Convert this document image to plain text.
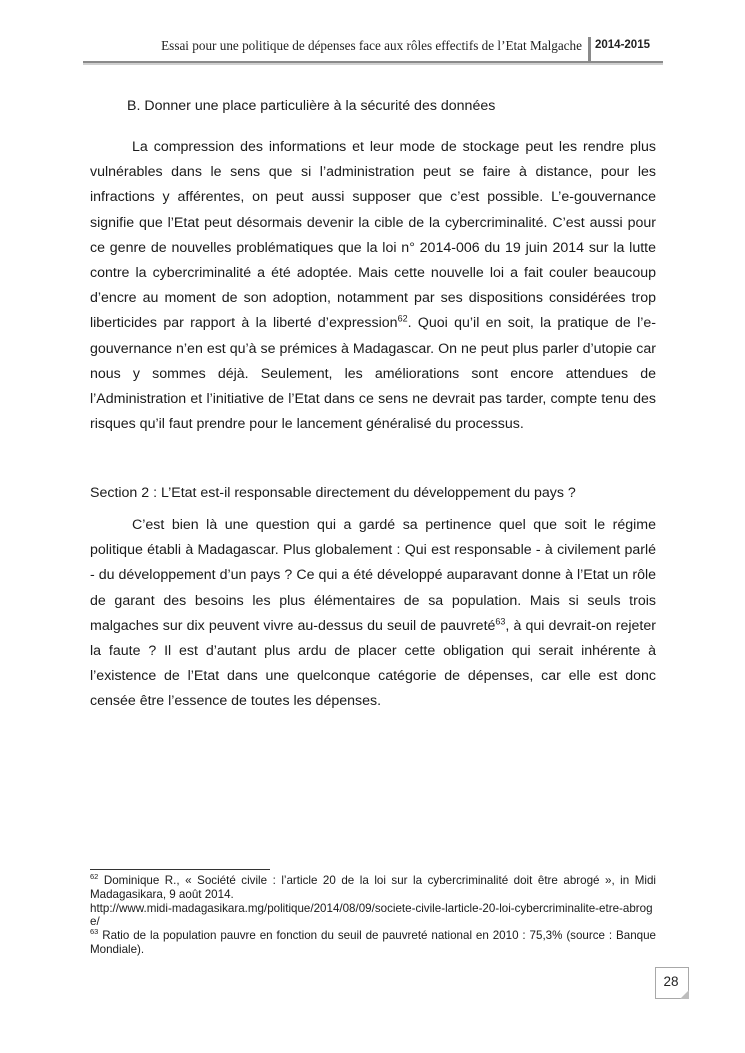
Essai pour une politique de dépenses face aux rôles effectifs de l’Etat Malgache	2014-2015
B. Donner une place particulière à la sécurité des données

La compression des informations et leur mode de stockage peut les rendre plus vulnérables dans le sens que si l’administration peut se faire à distance, pour les infractions y afférentes, on peut aussi supposer que c’est possible. L’e-gouvernance signifie que l’Etat peut désormais devenir la cible de la cybercriminalité. C’est aussi pour ce genre de nouvelles problématiques que la loi n° 2014-006 du 19 juin 2014 sur la lutte contre la cybercriminalité a été adoptée. Mais cette nouvelle loi a fait couler beaucoup d’encre au moment de son adoption, notamment par ses dispositions considérées trop liberticides par rapport à la liberté d’expression$^{62}$. Quoi qu’il en soit, la pratique de l’e-gouvernance n’en est qu’à se prémices à Madagascar. On ne peut plus parler d’utopie car nous y sommes déjà. Seulement, les améliorations sont encore attendues de l’Administration et l’initiative de l’Etat dans ce sens ne devrait pas tarder, compte tenu des risques qu’il faut prendre pour le lancement généralisé du processus.

Section 2 : L’Etat est-il responsable directement du développement du pays ?

C’est bien là une question qui a gardé sa pertinence quel que soit le régime politique établi à Madagascar. Plus globalement : Qui est responsable - à civilement parlé - du développement d’un pays ? Ce qui a été développé auparavant donne à l’Etat un rôle de garant des besoins les plus élémentaires de sa population. Mais si seuls trois malgaches sur dix peuvent vivre au-dessus du seuil de pauvreté$^{63}$, à qui devrait-on rejeter la faute ? Il est d’autant plus ardu de placer cette obligation qui serait inhérente à l’existence de l’Etat dans une quelconque catégorie de dépenses, car elle est donc censée être l’essence de toutes les dépenses.

$^{62}$ Dominique R., « Société civile : l’article 20 de la loi sur la cybercriminalité doit être abrogé », in Midi Madagasikara, 9 août 2014.

http://www.midi-madagasikara.mg/politique/2014/08/09/societe-civile-larticle-20-loi-cybercriminalite-etre-abroge/

$^{63}$ Ratio de la population pauvre en fonction du seuil de pauvreté national en 2010 : 75,3% (source : Banque Mondiale).

28
